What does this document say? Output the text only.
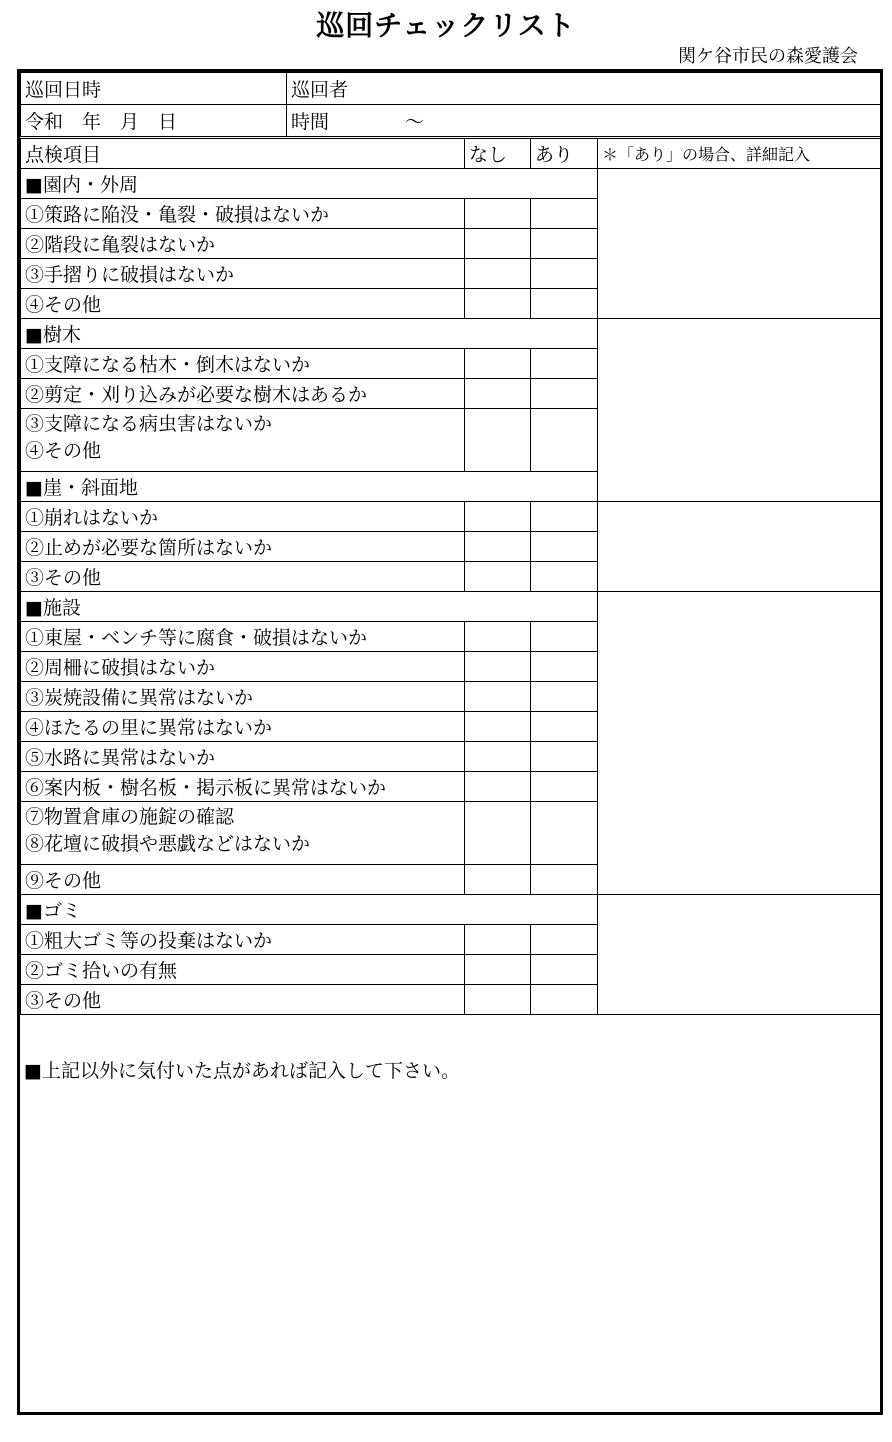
巡回チェックリスト
関ケ谷市民の森愛護会
巡回日時	巡回者
令和　年　月　日	時間　　　　～
点検項目	なし	あり	＊「あり」の場合、詳細記入	
■園内・外周				
①策路に陥没・亀裂・破損はないか				
②階段に亀裂はないか				
③手摺りに破損はないか				
④その他				
■樹木				
①支障になる枯木・倒木はないか				
②剪定・刈り込みが必要な樹木はあるか				

③支障になる病虫害はないか
④その他				

■崖・斜面地				
①崩れはないか				
②止めが必要な箇所はないか				
③その他				
■施設				
①東屋・ベンチ等に腐食・破損はないか				
②周柵に破損はないか				
③炭焼設備に異常はないか				
④ほたるの里に異常はないか				
⑤水路に異常はないか				
⑥案内板・樹名板・掲示板に異常はないか				

⑦物置倉庫の施錠の確認
⑧花壇に破損や悪戯などはないか				

⑨その他				
■ゴミ				
①粗大ゴミ等の投棄はないか				
②ゴミ拾いの有無				
③その他				
■上記以外に気付いた点があれば記入して下さい。
